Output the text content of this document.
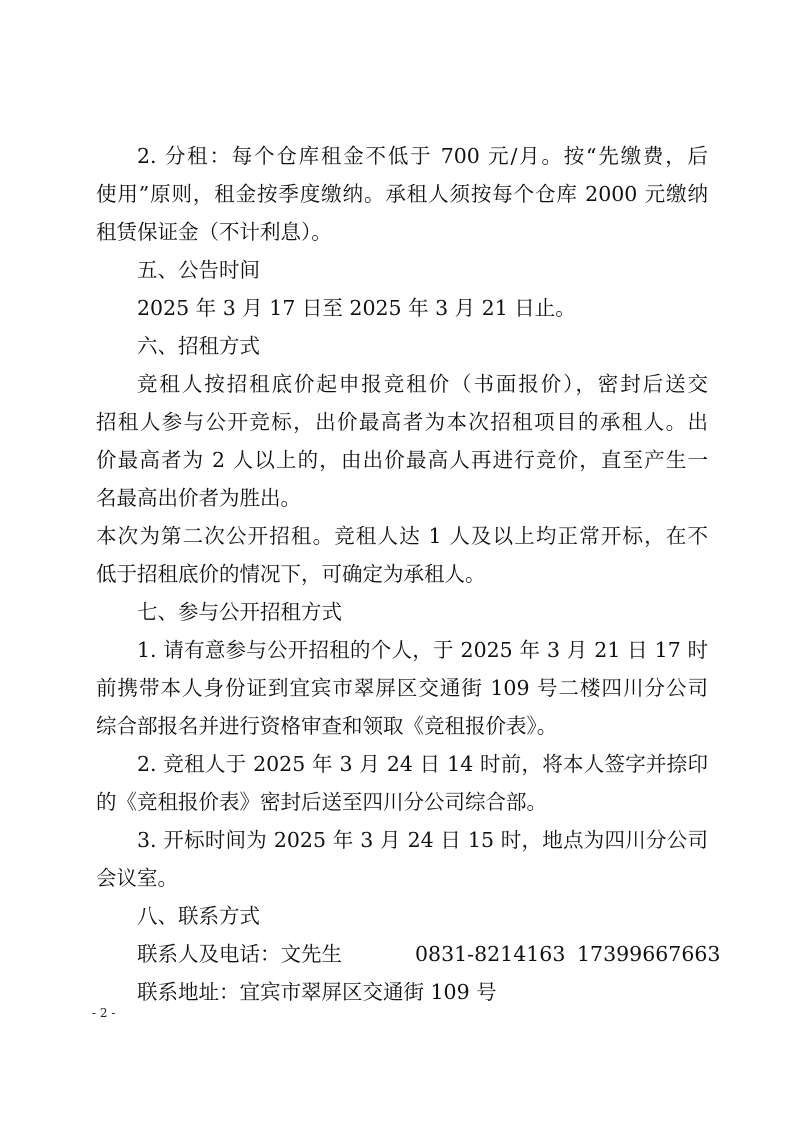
2. 分租：每个仓库租金不低于 700 元/月。按“先缴费，后
使用”原则，租金按季度缴纳。承租人须按每个仓库 2000 元缴纳
租赁保证金（不计利息）。
五、公告时间
2025 年 3 月 17 日至 2025 年 3 月 21 日止。
六、招租方式
竞租人按招租底价起申报竞租价（书面报价），密封后送交
招租人参与公开竞标，出价最高者为本次招租项目的承租人。出
价最高者为 2 人以上的，由出价最高人再进行竞价，直至产生一
名最高出价者为胜出。
本次为第二次公开招租。竞租人达 1 人及以上均正常开标，在不
低于招租底价的情况下，可确定为承租人。
七、参与公开招租方式
1. 请有意参与公开招租的个人，于 2025 年 3 月 21 日 17 时
前携带本人身份证到宜宾市翠屏区交通街 109 号二楼四川分公司
综合部报名并进行资格审查和领取《竞租报价表》。
2. 竞租人于 2025 年 3 月 24 日 14 时前，将本人签字并捺印
的《竞租报价表》密封后送至四川分公司综合部。
3. 开标时间为 2025 年 3 月 24 日 15 时，地点为四川分公司
会议室。
八、联系方式
联系人及电话：文先生	0831-8214163 17399667663
联系地址：宜宾市翠屏区交通街 109 号
- 2 -
